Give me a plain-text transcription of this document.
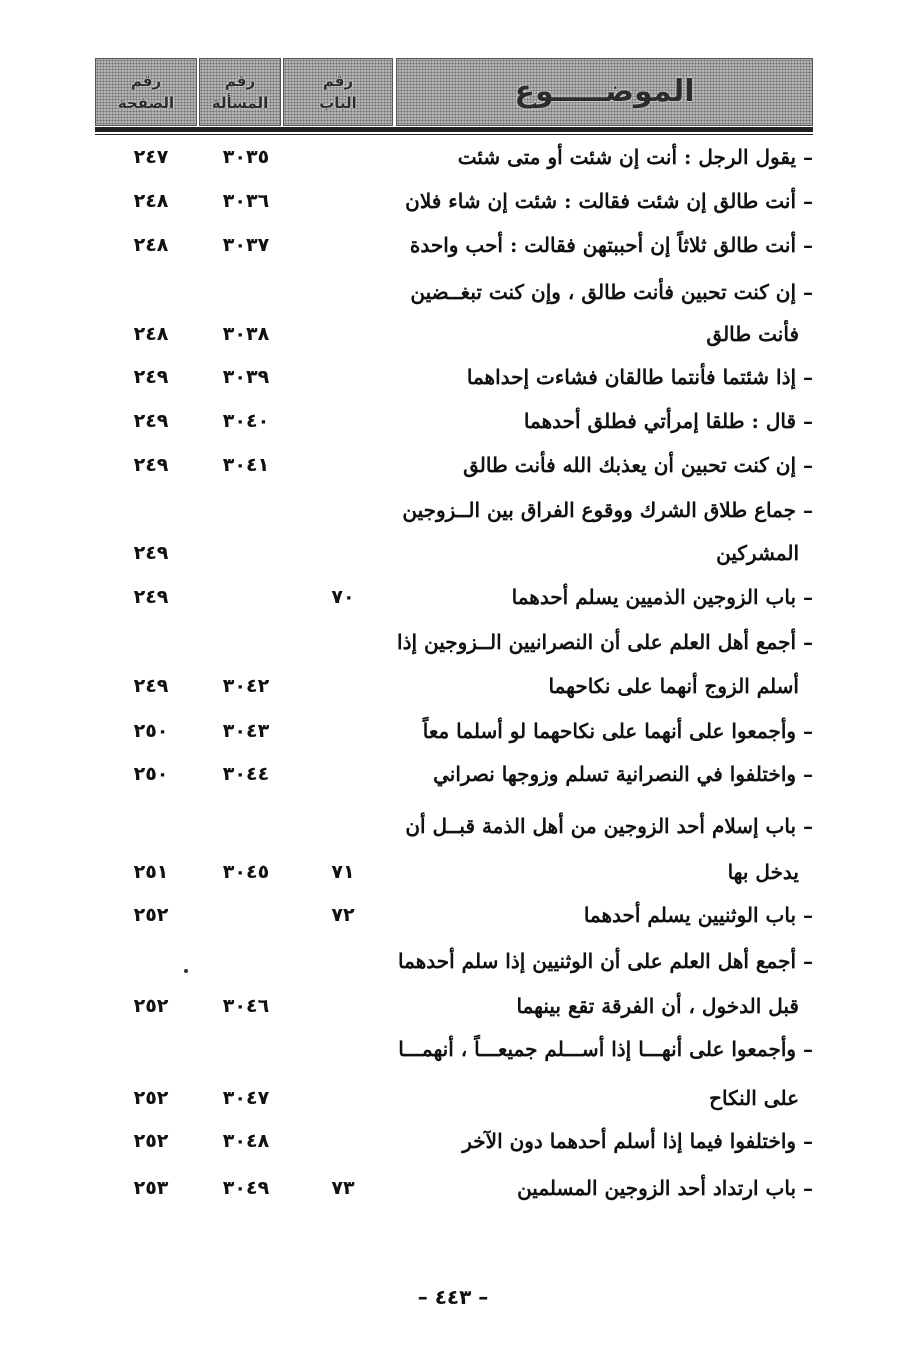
الموضـــــوع
رقم
الباب
رقم
المسألة
رقم
الصفحة
– يقول الرجل : أنت إن شئت أو متى شئت
٣٠٣٥
٢٤٧
– أنت طالق إن شئت فقالت : شئت إن شاء فلان
٣٠٣٦
٢٤٨
– أنت طالق ثلاثاً إن أحببتهن فقالت : أحب واحدة
٣٠٣٧
٢٤٨
– إن كنت تحبين فأنت طالق ، وإن كنت تبغــضين
فأنت طالق
٣٠٣٨
٢٤٨
– إذا شئتما فأنتما طالقان فشاءت إحداهما
٣٠٣٩
٢٤٩
– قال : طلقا إمرأتي فطلق أحدهما
٣٠٤٠
٢٤٩
– إن كنت تحبين أن يعذبك الله فأنت طالق
٣٠٤١
٢٤٩
– جماع طلاق الشرك ووقوع الفراق بين الــزوجين
المشركين
٢٤٩
– باب الزوجين الذميين يسلم أحدهما
٧٠
٢٤٩
– أجمع أهل العلم على أن النصرانيين الــزوجين إذا
أسلم الزوج أنهما على نكاحهما
٣٠٤٢
٢٤٩
– وأجمعوا على أنهما على نكاحهما لو أسلما معاً
٣٠٤٣
٢٥٠
– واختلفوا في النصرانية تسلم وزوجها نصراني
٣٠٤٤
٢٥٠
– باب إسلام أحد الزوجين من أهل الذمة قبــل أن
يدخل بها
٧١
٣٠٤٥
٢٥١
– باب الوثنيين يسلم أحدهما
٧٢
٢٥٢
– أجمع أهل العلم على أن الوثنيين إذا سلم أحدهما
قبل الدخول ، أن الفرقة تقع بينهما
٣٠٤٦
٢٥٢
– وأجمعوا على أنهـــا إذا أســـلم جميعـــاً ، أنهمـــا
على النكاح
٣٠٤٧
٢٥٢
– واختلفوا فيما إذا أسلم أحدهما دون الآخر
٣٠٤٨
٢٥٢
– باب ارتداد أحد الزوجين المسلمين
٧٣
٣٠٤٩
٢٥٣
– ٤٤٣ –
